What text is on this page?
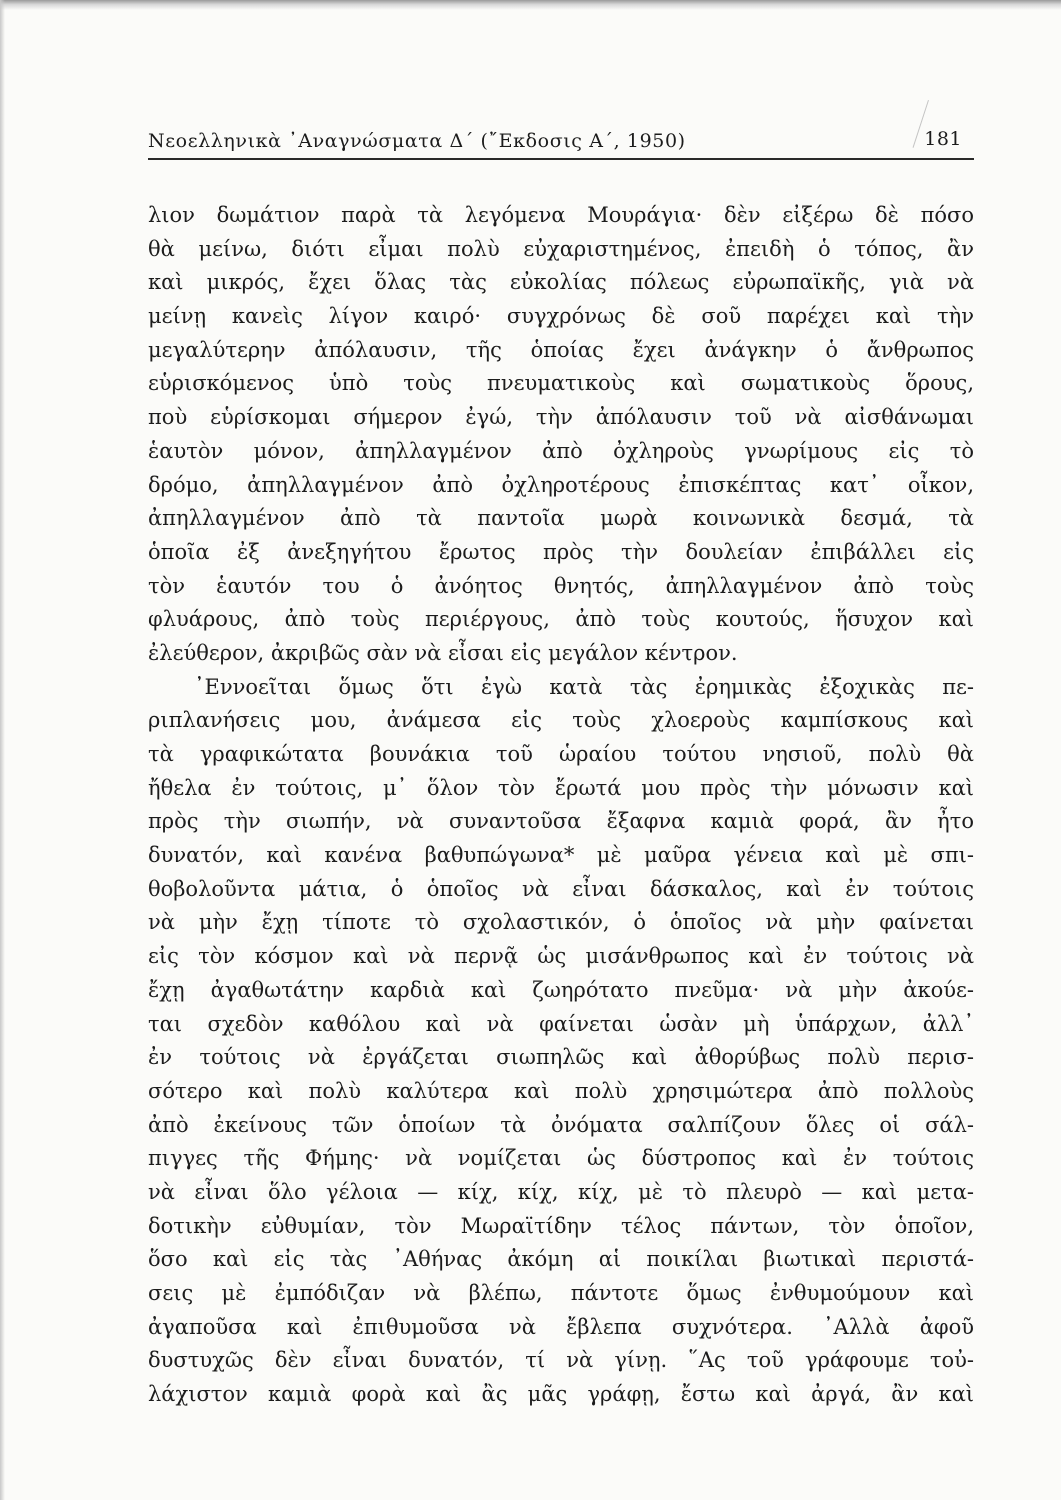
Νεοελληνικὰ ᾿Αναγνώσματα Δ΄ (῎Εκδοσις Α΄, 1950)	181
λιον δωμάτιον παρὰ τὰ λεγόμενα Μουράγια· δὲν εἰξέρω δὲ πόσο
θὰ μείνω, διότι εἶμαι πολὺ εὐχαριστημένος, ἐπειδὴ ὁ τόπος, ἂν
καὶ μικρός, ἔχει ὅλας τὰς εὐκολίας πόλεως εὐρωπαϊκῆς, γιὰ νὰ
μείνῃ κανεὶς λίγον καιρό· συγχρόνως δὲ σοῦ παρέχει καὶ τὴν
μεγαλύτερην ἀπόλαυσιν, τῆς ὁποίας ἔχει ἀνάγκην ὁ ἄνθρωπος
εὑρισκόμενος ὑπὸ τοὺς πνευματικοὺς καὶ σωματικοὺς ὅρους,
ποὺ εὑρίσκομαι σήμερον ἐγώ, τὴν ἀπόλαυσιν τοῦ νὰ αἰσθάνωμαι
ἑαυτὸν μόνον, ἀπηλλαγμένον ἀπὸ ὀχληροὺς γνωρίμους εἰς τὸ
δρόμο, ἀπηλλαγμένον ἀπὸ ὀχληροτέρους ἐπισκέπτας κατ᾿ οἶκον,
ἀπηλλαγμένον ἀπὸ τὰ παντοῖα μωρὰ κοινωνικὰ δεσμά, τὰ
ὁποῖα ἐξ ἀνεξηγήτου ἔρωτος πρὸς τὴν δουλείαν ἐπιβάλλει εἰς
τὸν ἑαυτόν του ὁ ἀνόητος θνητός, ἀπηλλαγμένον ἀπὸ τοὺς
φλυάρους, ἀπὸ τοὺς περιέργους, ἀπὸ τοὺς κουτούς, ἥσυχον καὶ
ἐλεύθερον, ἀκριβῶς σὰν νὰ εἶσαι εἰς μεγάλον κέντρον.
᾿Εννοεῖται ὅμως ὅτι ἐγὼ κατὰ τὰς ἐρημικὰς ἐξοχικὰς πε-
ριπλανήσεις μου, ἀνάμεσα εἰς τοὺς χλοεροὺς καμπίσκους καὶ
τὰ γραφικώτατα βουνάκια τοῦ ὡραίου τούτου νησιοῦ, πολὺ θὰ
ἤθελα ἐν τούτοις, μ᾿ ὅλον τὸν ἔρωτά μου πρὸς τὴν μόνωσιν καὶ
πρὸς τὴν σιωπήν, νὰ συναντοῦσα ἔξαφνα καμιὰ φορά, ἂν ἦτο
δυνατόν, καὶ κανένα βαθυπώγωνα* μὲ μαῦρα γένεια καὶ μὲ σπι-
θοβολοῦντα μάτια, ὁ ὁποῖος νὰ εἶναι δάσκαλος, καὶ ἐν τούτοις
νὰ μὴν ἔχῃ τίποτε τὸ σχολαστικόν, ὁ ὁποῖος νὰ μὴν φαίνεται
εἰς τὸν κόσμον καὶ νὰ περνᾷ ὡς μισάνθρωπος καὶ ἐν τούτοις νὰ
ἔχῃ ἀγαθωτάτην καρδιὰ καὶ ζωηρότατο πνεῦμα· νὰ μὴν ἀκούε-
ται σχεδὸν καθόλου καὶ νὰ φαίνεται ὡσὰν μὴ ὑπάρχων, ἀλλ᾿
ἐν τούτοις νὰ ἐργάζεται σιωπηλῶς καὶ ἀθορύβως πολὺ περισ-
σότερο καὶ πολὺ καλύτερα καὶ πολὺ χρησιμώτερα ἀπὸ πολλοὺς
ἀπὸ ἐκείνους τῶν ὁποίων τὰ ὀνόματα σαλπίζουν ὅλες οἱ σάλ-
πιγγες τῆς Φήμης· νὰ νομίζεται ὡς δύστροπος καὶ ἐν τούτοις
νὰ εἶναι ὅλο γέλοια — κίχ, κίχ, κίχ, μὲ τὸ πλευρὸ — καὶ μετα-
δοτικὴν εὐθυμίαν, τὸν Μωραϊτίδην τέλος πάντων, τὸν ὁποῖον,
ὅσο καὶ εἰς τὰς ᾿Αθήνας ἀκόμη αἱ ποικίλαι βιωτικαὶ περιστά-
σεις μὲ ἐμπόδιζαν νὰ βλέπω, πάντοτε ὅμως ἐνθυμούμουν καὶ
ἀγαποῦσα καὶ ἐπιθυμοῦσα νὰ ἔβλεπα συχνότερα. ᾿Αλλὰ ἀφοῦ
δυστυχῶς δὲν εἶναι δυνατόν, τί νὰ γίνῃ. ῞Ας τοῦ γράφουμε τοὐ-
λάχιστον καμιὰ φορὰ καὶ ἂς μᾶς γράφῃ, ἔστω καὶ ἀργά, ἂν καὶ
